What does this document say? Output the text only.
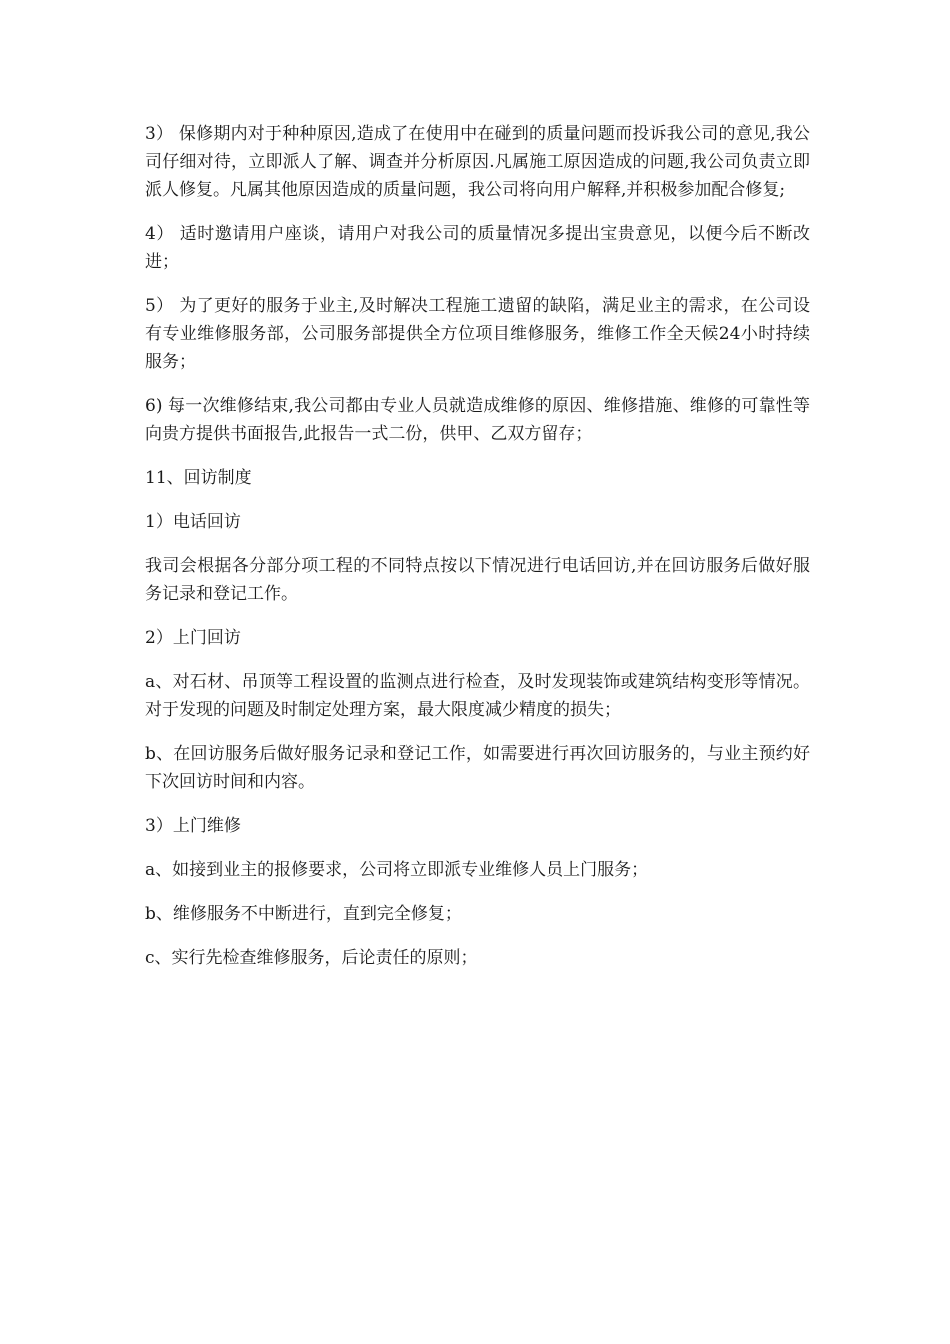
3） 保修期内对于种种原因,造成了在使用中在碰到的质量问题而投诉我公司的意见,我公司仔细对待，立即派人了解、调查并分析原因.凡属施工原因造成的问题,我公司负责立即派人修复。凡属其他原因造成的质量问题，我公司将向用户解释,并积极参加配合修复;

4） 适时邀请用户座谈，请用户对我公司的质量情况多提出宝贵意见，以便今后不断改进；

5） 为了更好的服务于业主,及时解决工程施工遗留的缺陷，满足业主的需求，在公司设有专业维修服务部，公司服务部提供全方位项目维修服务，维修工作全天候24小时持续服务；

6) 每一次维修结束,我公司都由专业人员就造成维修的原因、维修措施、维修的可靠性等向贵方提供书面报告,此报告一式二份，供甲、乙双方留存；

11、回访制度

1）电话回访

我司会根据各分部分项工程的不同特点按以下情况进行电话回访,并在回访服务后做好服务记录和登记工作。

2）上门回访

a、对石材、吊顶等工程设置的监测点进行检查，及时发现装饰或建筑结构变形等情况。对于发现的问题及时制定处理方案，最大限度减少精度的损失；

b、在回访服务后做好服务记录和登记工作，如需要进行再次回访服务的，与业主预约好下次回访时间和内容。

3）上门维修

a、如接到业主的报修要求，公司将立即派专业维修人员上门服务；

b、维修服务不中断进行，直到完全修复；

c、实行先检查维修服务，后论责任的原则；
